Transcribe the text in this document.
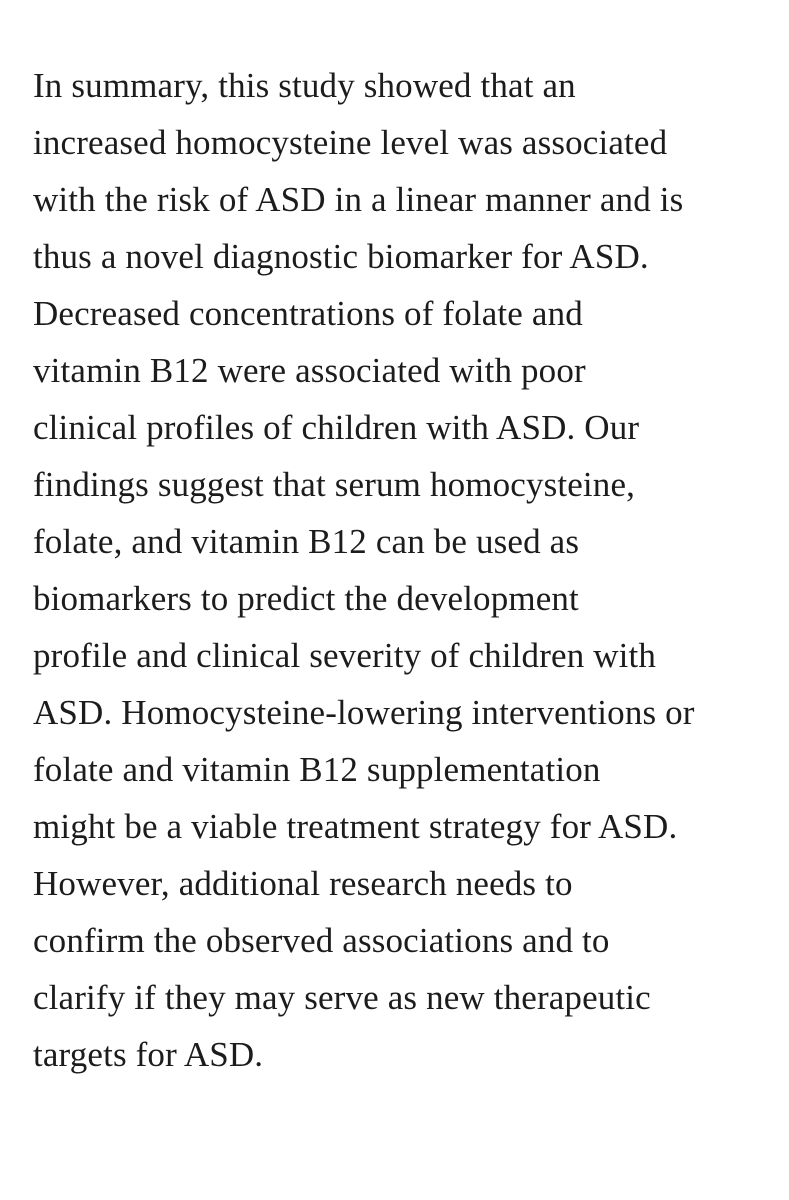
In summary, this study showed that an
increased homocysteine level was associated
with the risk of ASD in a linear manner and is
thus a novel diagnostic biomarker for ASD.
Decreased concentrations of folate and
vitamin B12 were associated with poor
clinical profiles of children with ASD. Our
findings suggest that serum homocysteine,
folate, and vitamin B12 can be used as
biomarkers to predict the development
profile and clinical severity of children with
ASD. Homocysteine-lowering interventions or
folate and vitamin B12 supplementation
might be a viable treatment strategy for ASD.
However, additional research needs to
confirm the observed associations and to
clarify if they may serve as new therapeutic
targets for ASD.
